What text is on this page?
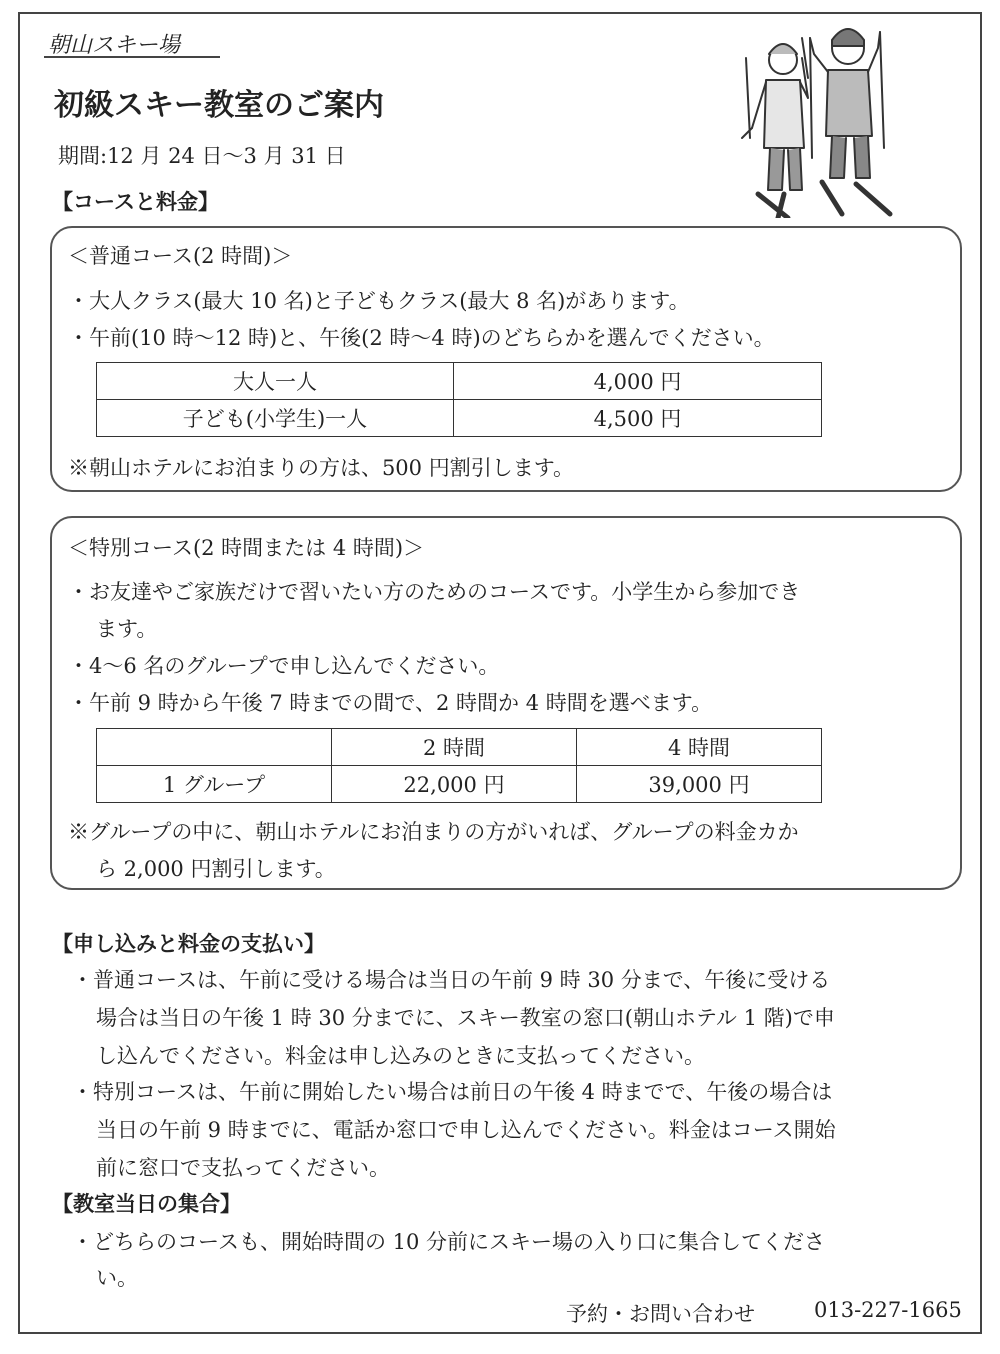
朝山スキー場
初級スキー教室のご案内
期間:12 月 24 日～3 月 31 日
【コースと料金】
＜普通コース(2 時間)＞
・大人クラス(最大 10 名)と子どもクラス(最大 8 名)があります。
・午前(10 時～12 時)と、午後(2 時～4 時)のどちらかを選んでください。
大人一人	4,000 円
子ども(小学生)一人	4,500 円
※朝山ホテルにお泊まりの方は、500 円割引します。
＜特別コース(2 時間または 4 時間)＞
・お友達やご家族だけで習いたい方のためのコースです。小学生から参加でき
ます。
・4～6 名のグループで申し込んでください。
・午前 9 時から午後 7 時までの間で、2 時間か 4 時間を選べます。
	2 時間	4 時間
1 グループ	22,000 円	39,000 円
※グループの中に、朝山ホテルにお泊まりの方がいれば、グループの料金カか
ら 2,000 円割引します。
【申し込みと料金の支払い】
・普通コースは、午前に受ける場合は当日の午前 9 時 30 分まで、午後に受ける
場合は当日の午後 1 時 30 分までに、スキー教室の窓口(朝山ホテル 1 階)で申
し込んでください。料金は申し込みのときに支払ってください。
・特別コースは、午前に開始したい場合は前日の午後 4 時までで、午後の場合は
当日の午前 9 時までに、電話か窓口で申し込んでください。料金はコース開始
前に窓口で支払ってください。
【教室当日の集合】
・どちらのコースも、開始時間の 10 分前にスキー場の入り口に集合してくださ
い。
予約・お問い合わせ	013-227-1665
